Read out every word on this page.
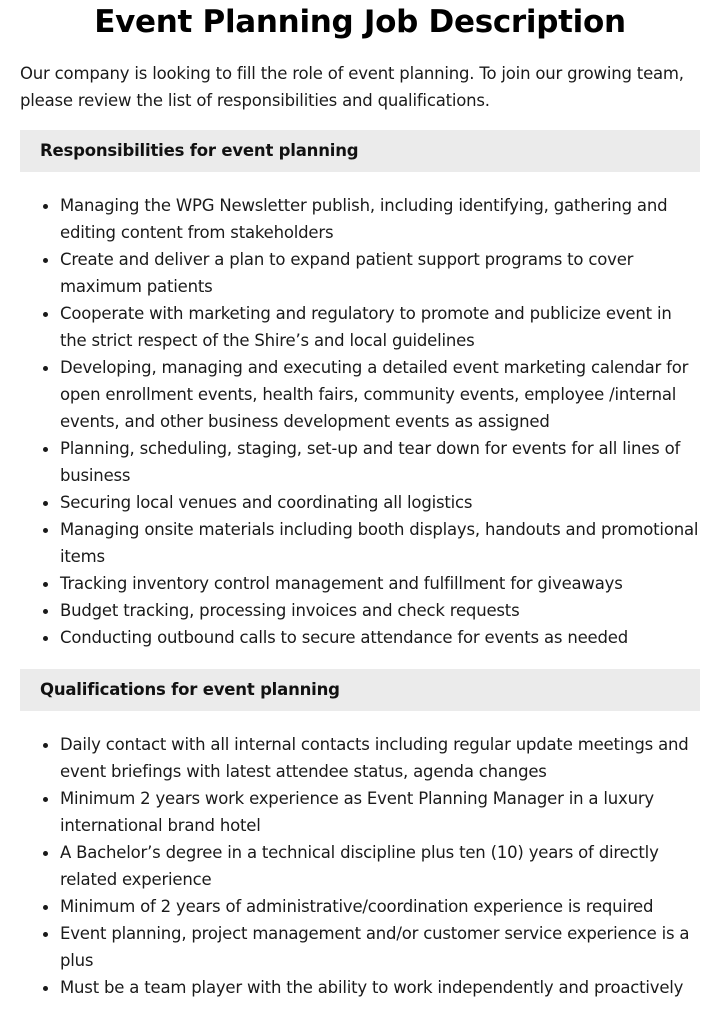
Event Planning Job Description

Our company is looking to fill the role of event planning. To join our growing team, please review the list of responsibilities and qualifications.

Responsibilities for event planning
Managing the WPG Newsletter publish, including identifying, gathering and editing content from stakeholders
Create and deliver a plan to expand patient support programs to cover maximum patients
Cooperate with marketing and regulatory to promote and publicize event in the strict respect of the Shire’s and local guidelines
Developing, managing and executing a detailed event marketing calendar for open enrollment events, health fairs, community events, employee /internal events, and other business development events as assigned
Planning, scheduling, staging, set-up and tear down for events for all lines of business
Securing local venues and coordinating all logistics
Managing onsite materials including booth displays, handouts and promotional items
Tracking inventory control management and fulfillment for giveaways
Budget tracking, processing invoices and check requests
Conducting outbound calls to secure attendance for events as needed
Qualifications for event planning
Daily contact with all internal contacts including regular update meetings and event briefings with latest attendee status, agenda changes
Minimum 2 years work experience as Event Planning Manager in a luxury international brand hotel
A Bachelor’s degree in a technical discipline plus ten (10) years of directly related experience
Minimum of 2 years of administrative/coordination experience is required
Event planning, project management and/or customer service experience is a plus
Must be a team player with the ability to work independently and proactively
